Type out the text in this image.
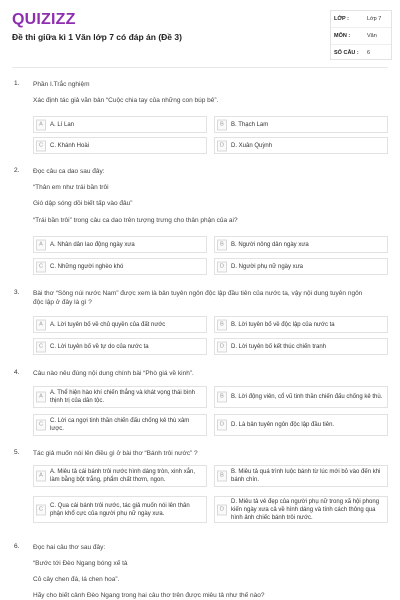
QUIZIZZ
Đề thi giữa kì 1 Văn lớp 7 có đáp án (Đề 3)
LỚP :	Lớp 7
MÔN :	Văn
SỐ CÂU : 6
1. Phần I.Trắc nghiệm
Xác định tác giả văn bản “Cuộc chia tay của những con búp bê”.
A	A. Lí Lan	B	B. Thạch Lam
C	C. Khánh Hoài	D	D. Xuân Quỳnh
2. Đọc câu ca dao sau đây:
“Thân em như trái bần trôi
Gió dập sóng dồi biết tấp vào đâu”
“Trái bần trôi” trong câu ca dao trên tượng trưng cho thân phận của ai?
A	A. Nhân dân lao động ngày xưa	B	B. Người nông dân ngày xưa
C	C. Những người nghèo khó	D	D. Người phụ nữ ngày xưa
3. Bài thơ “Sông núi nước Nam” được xem là bản tuyên ngôn độc lập đầu tiên của nước ta, vậy nội dung tuyên ngôn
độc lập ở đây là gì ?
A	A. Lời tuyên bố về chủ quyền của đất nước	B	B. Lời tuyên bố về độc lập của nước ta
C	C. Lời tuyên bố về tự do của nước ta	D	D. Lời tuyên bố kết thúc chiến tranh
4. Câu nào nêu đúng nội dung chính bài “Phò giá về kinh”.
A
A. Thể hiện hào khí chiến thắng và khát vọng thái bình thịnh trị của dân tộc.
B	B. Lời động viên, cổ vũ tinh thần chiến đấu chống kẻ thù.
C
C. Lời ca ngợi tinh thần chiến đấu chống kẻ thù xâm lược.
D	D. Là bản tuyên ngôn độc lập đầu tiên.
5. Tác giả muốn nói lên điều gì ở bài thơ “Bánh trôi nước” ?
A
A. Miêu tả cái bánh trôi nước hình dáng tròn, xinh xắn, làm bằng bột trắng, phẩm chất thơm, ngon.
B
B. Miêu tả quá trình luộc bánh từ lúc mới bỏ vào đến khi bánh chín.
C
C. Qua cái bánh trôi nước, tác giả muốn nói lên thân phận khổ cực của người phụ nữ ngày xưa.
D
D. Miêu tả vẻ đẹp của người phụ nữ trong xã hội phong kiến ngày xưa cả về hình dáng và tính cách thông qua hình ảnh chiếc bánh trôi nước.
6. Đọc hai câu thơ sau đây:
“Bước tới Đèo Ngang bóng xế tà
Cỏ cây chen đá, lá chen hoa”.
Hãy cho biết cảnh Đèo Ngang trong hai câu thơ trên được miêu tả như thế nào?
